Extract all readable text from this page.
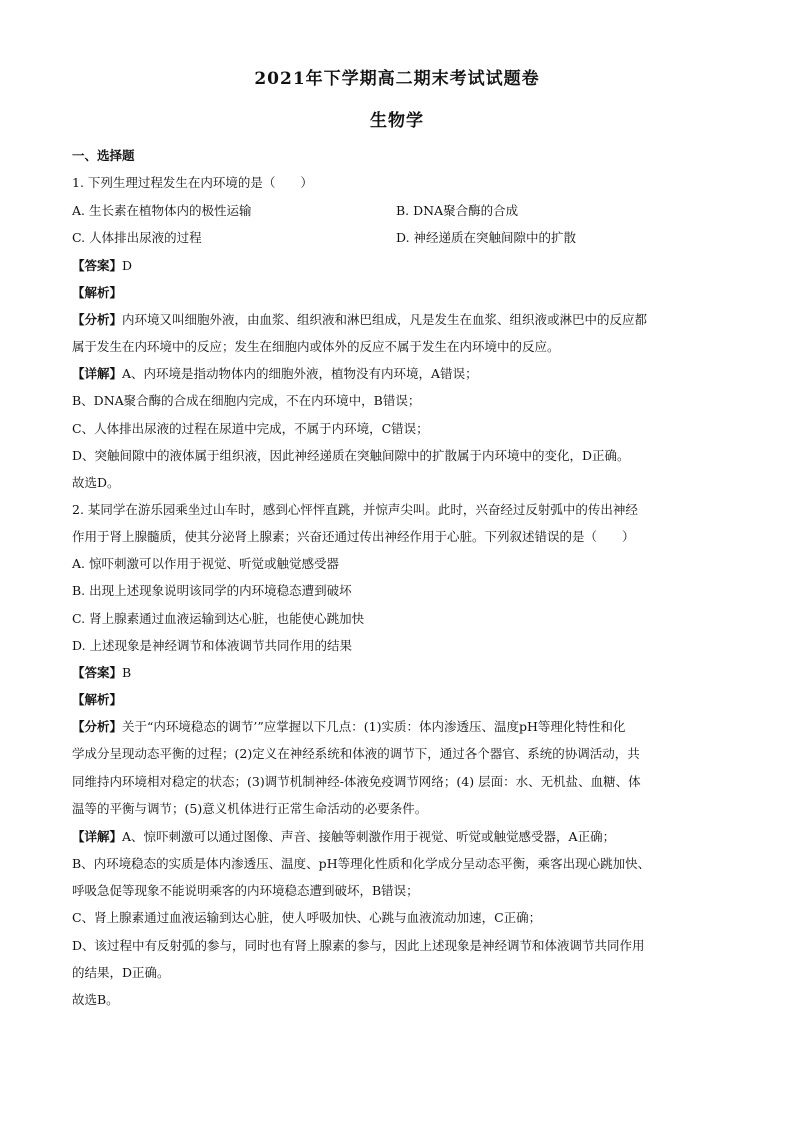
2021年下学期高二期末考试试题卷
生物学
一、选择题
1. 下列生理过程发生在内环境的是（　　）
A. 生长素在植物体内的极性运输	B. DNA聚合酶的合成
C. 人体排出尿液的过程	D. 神经递质在突触间隙中的扩散
【答案】D
【解析】
【分析】内环境又叫细胞外液，由血浆、组织液和淋巴组成，凡是发生在血浆、组织液或淋巴中的反应都
属于发生在内环境中的反应；发生在细胞内或体外的反应不属于发生在内环境中的反应。
【详解】A、内环境是指动物体内的细胞外液，植物没有内环境，A错误；
B、DNA聚合酶的合成在细胞内完成，不在内环境中，B错误；
C、人体排出尿液的过程在尿道中完成，不属于内环境，C错误；
D、突触间隙中的液体属于组织液，因此神经递质在突触间隙中的扩散属于内环境中的变化，D正确。
故选D。
2. 某同学在游乐园乘坐过山车时，感到心怦怦直跳，并惊声尖叫。此时，兴奋经过反射弧中的传出神经
作用于肾上腺髓质，使其分泌肾上腺素；兴奋还通过传出神经作用于心脏。下列叙述错误的是（　　）
A. 惊吓刺激可以作用于视觉、听觉或触觉感受器
B. 出现上述现象说明该同学的内环境稳态遭到破坏
C. 肾上腺素通过血液运输到达心脏，也能使心跳加快
D. 上述现象是神经调节和体液调节共同作用的结果
【答案】B
【解析】
【分析】关于“内环境稳态的调节’”应掌握以下几点：(1)实质：体内渗透压、温度pH等理化特性和化
学成分呈现动态平衡的过程；(2)定义在神经系统和体液的调节下，通过各个器官、系统的协调活动，共
同维持内环境相对稳定的状态；(3)调节机制神经-体液免疫调节网络；(4) 层面：水、无机盐、血糖、体
温等的平衡与调节；(5)意义机体进行正常生命活动的必要条件。
【详解】A、惊吓刺激可以通过图像、声音、接触等刺激作用于视觉、听觉或触觉感受器，A正确；
B、内环境稳态的实质是体内渗透压、温度、pH等理化性质和化学成分呈动态平衡，乘客出现心跳加快、
呼吸急促等现象不能说明乘客的内环境稳态遭到破坏，B错误；
C、肾上腺素通过血液运输到达心脏，使人呼吸加快、心跳与血液流动加速，C正确；
D、该过程中有反射弧的参与，同时也有肾上腺素的参与，因此上述现象是神经调节和体液调节共同作用
的结果，D正确。
故选B。
